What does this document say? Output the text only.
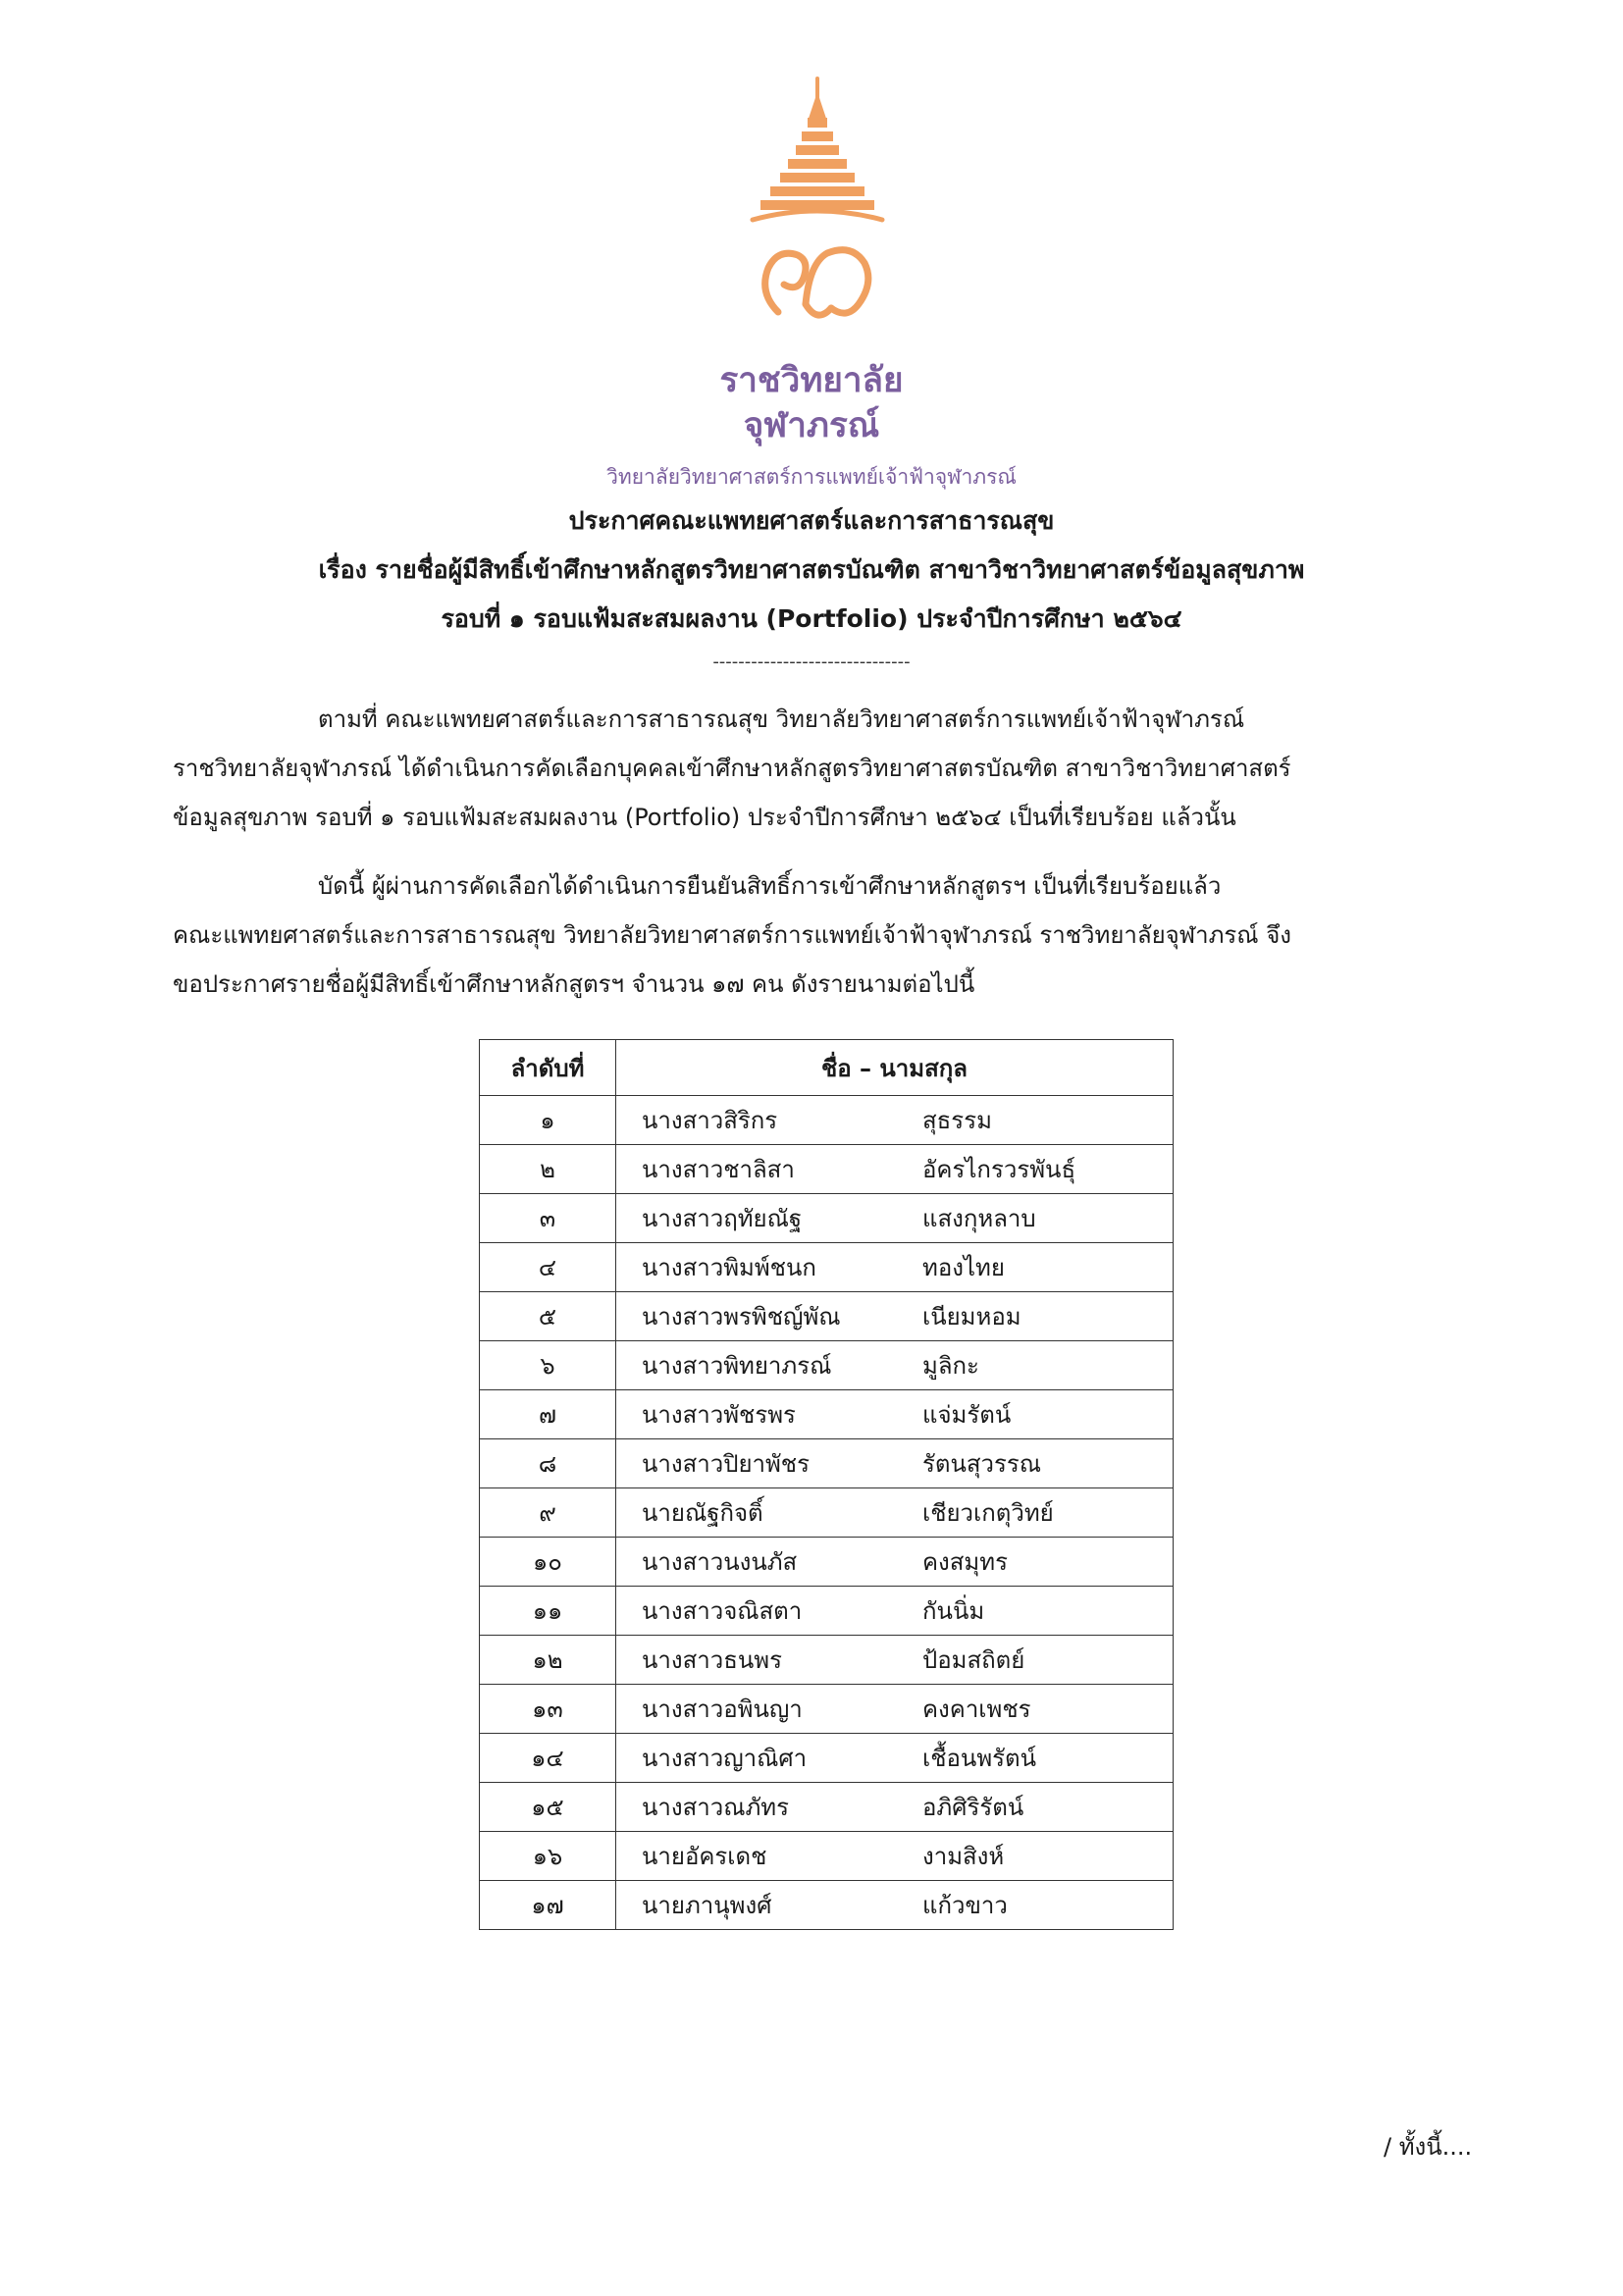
ราชวิทยาลัย
จุฬาภรณ์
วิทยาลัยวิทยาศาสตร์การแพทย์เจ้าฟ้าจุฬาภรณ์
ประกาศคณะแพทยศาสตร์และการสาธารณสุข
เรื่อง รายชื่อผู้มีสิทธิ์เข้าศึกษาหลักสูตรวิทยาศาสตรบัณฑิต สาขาวิชาวิทยาศาสตร์ข้อมูลสุขภาพ
รอบที่ ๑ รอบแฟ้มสะสมผลงาน (Portfolio) ประจำปีการศึกษา ๒๕๖๔
-------------------------------
ตามที่ คณะแพทยศาสตร์และการสาธารณสุข วิทยาลัยวิทยาศาสตร์การแพทย์เจ้าฟ้าจุฬาภรณ์
ราชวิทยาลัยจุฬาภรณ์ ได้ดำเนินการคัดเลือกบุคคลเข้าศึกษาหลักสูตรวิทยาศาสตรบัณฑิต สาขาวิชาวิทยาศาสตร์
ข้อมูลสุขภาพ รอบที่ ๑ รอบแฟ้มสะสมผลงาน (Portfolio) ประจำปีการศึกษา ๒๕๖๔ เป็นที่เรียบร้อย แล้วนั้น
บัดนี้ ผู้ผ่านการคัดเลือกได้ดำเนินการยืนยันสิทธิ์การเข้าศึกษาหลักสูตรฯ เป็นที่เรียบร้อยแล้ว
คณะแพทยศาสตร์และการสาธารณสุข วิทยาลัยวิทยาศาสตร์การแพทย์เจ้าฟ้าจุฬาภรณ์ ราชวิทยาลัยจุฬาภรณ์ จึง
ขอประกาศรายชื่อผู้มีสิทธิ์เข้าศึกษาหลักสูตรฯ จำนวน ๑๗ คน ดังรายนามต่อไปนี้
ลำดับที่	ชื่อ – นามสกุล
๑	นางสาวสิริกร สุธรรม
๒	นางสาวชาลิสา อัครไกรวรพันธุ์
๓	นางสาวฤทัยณัฐ แสงกุหลาบ
๔	นางสาวพิมพ์ชนก ทองไทย
๕	นางสาวพรพิชญ์พัณ เนียมหอม
๖	นางสาวพิทยาภรณ์ มูลิกะ
๗	นางสาวพัชรพร แจ่มรัตน์
๘	นางสาวปิยาพัชร รัตนสุวรรณ
๙	นายณัฐกิจติ์ เชียวเกตุวิทย์
๑๐	นางสาวนงนภัส คงสมุทร
๑๑	นางสาวจณิสตา กันนิ่ม
๑๒	นางสาวธนพร ป้อมสถิตย์
๑๓	นางสาวอพินญา คงคาเพชร
๑๔	นางสาวญาณิศา เชื้อนพรัตน์
๑๕	นางสาวณภัทร อภิศิริรัตน์
๑๖	นายอัครเดช งามสิงห์
๑๗	นายภานุพงศ์ แก้วขาว
/ ทั้งนี้....
